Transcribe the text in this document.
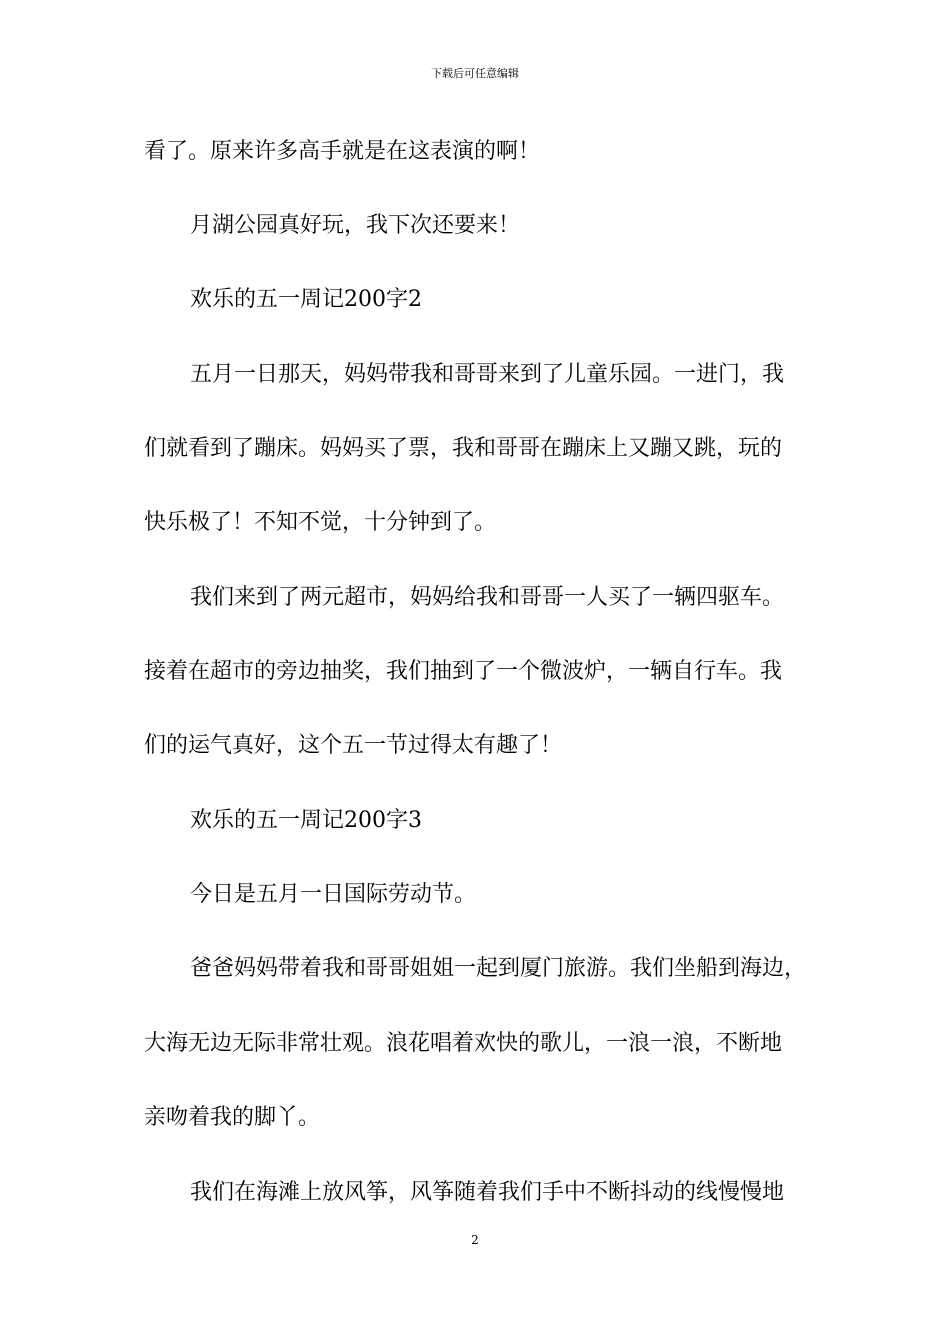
下载后可任意编辑
看了。原来许多高手就是在这表演的啊！
月湖公园真好玩，我下次还要来！
欢乐的五一周记200字2
五月一日那天，妈妈带我和哥哥来到了儿童乐园。一进门，我
们就看到了蹦床。妈妈买了票，我和哥哥在蹦床上又蹦又跳，玩的
快乐极了！不知不觉，十分钟到了。
我们来到了两元超市，妈妈给我和哥哥一人买了一辆四驱车。
接着在超市的旁边抽奖，我们抽到了一个微波炉，一辆自行车。我
们的运气真好，这个五一节过得太有趣了！
欢乐的五一周记200字3
今日是五月一日国际劳动节。
爸爸妈妈带着我和哥哥姐姐一起到厦门旅游。我们坐船到海边，
大海无边无际非常壮观。浪花唱着欢快的歌儿，一浪一浪，不断地
亲吻着我的脚丫。
我们在海滩上放风筝，风筝随着我们手中不断抖动的线慢慢地
2
